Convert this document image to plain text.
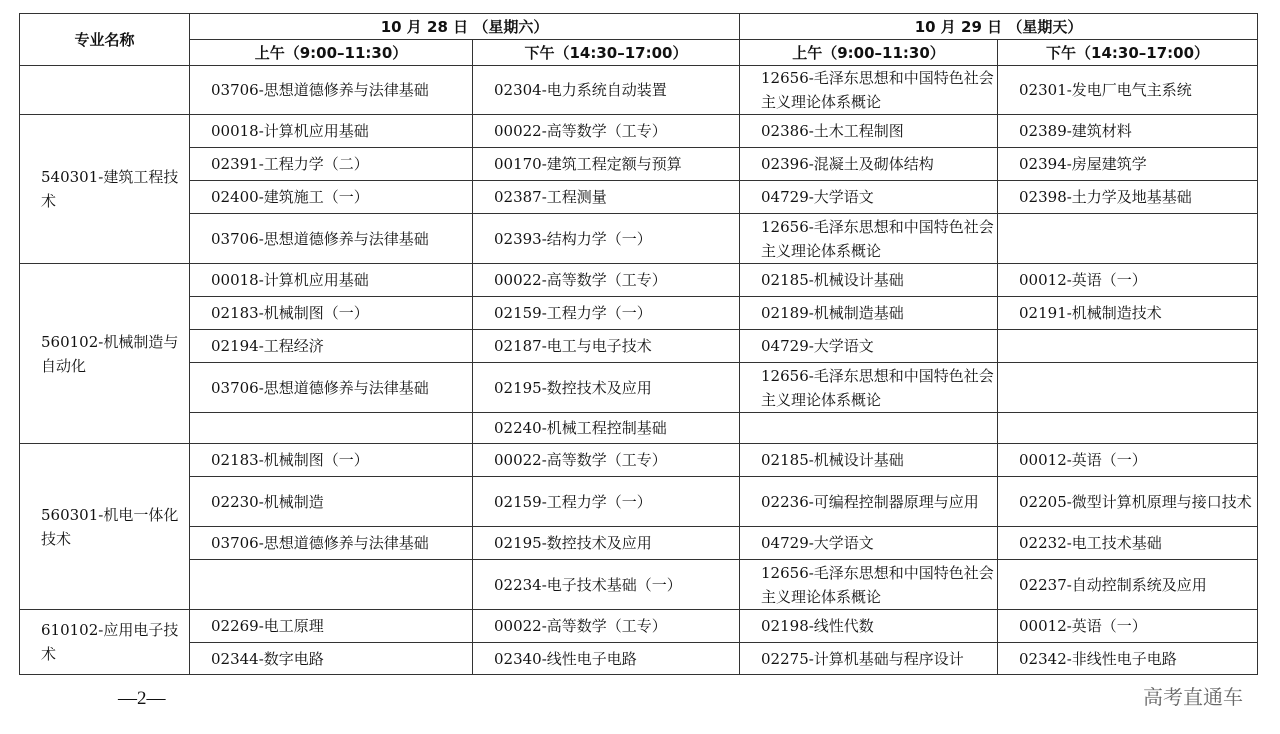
专业名称	10 月 28 日 （星期六）		10 月 29 日 （星期天）	
	上午（9:00–11:30）	下午（14:30–17:00）	上午（9:00–11:30）	下午（14:30–17:00）
	03706-思想道德修养与法律基础	02304-电力系统自动装置	12656-毛泽东思想和中国特色社会主义理论体系概论	02301-发电厂电气主系统
540301-建筑工程技术	00018-计算机应用基础	00022-高等数学（工专）	02386-土木工程制图	02389-建筑材料
	02391-工程力学（二）	00170-建筑工程定额与预算	02396-混凝土及砌体结构	02394-房屋建筑学
	02400-建筑施工（一）	02387-工程测量	04729-大学语文	02398-土力学及地基基础
	03706-思想道德修养与法律基础	02393-结构力学（一）	12656-毛泽东思想和中国特色社会主义理论体系概论	
560102-机械制造与自动化	00018-计算机应用基础	00022-高等数学（工专）	02185-机械设计基础	00012-英语（一）
	02183-机械制图（一）	02159-工程力学（一）	02189-机械制造基础	02191-机械制造技术
	02194-工程经济	02187-电工与电子技术	04729-大学语文	
	03706-思想道德修养与法律基础	02195-数控技术及应用	12656-毛泽东思想和中国特色社会主义理论体系概论	
		02240-机械工程控制基础		
560301-机电一体化技术	02183-机械制图（一）	00022-高等数学（工专）	02185-机械设计基础	00012-英语（一）
	02230-机械制造	02159-工程力学（一）	02236-可编程控制器原理与应用	02205-微型计算机原理与接口技术
	03706-思想道德修养与法律基础	02195-数控技术及应用	04729-大学语文	02232-电工技术基础
		02234-电子技术基础（一）	12656-毛泽东思想和中国特色社会主义理论体系概论	02237-自动控制系统及应用
610102-应用电子技术	02269-电工原理	00022-高等数学（工专）	02198-线性代数	00012-英语（一）
	02344-数字电路	02340-线性电子电路	02275-计算机基础与程序设计	02342-非线性电子电路
—2—	高考直通车
